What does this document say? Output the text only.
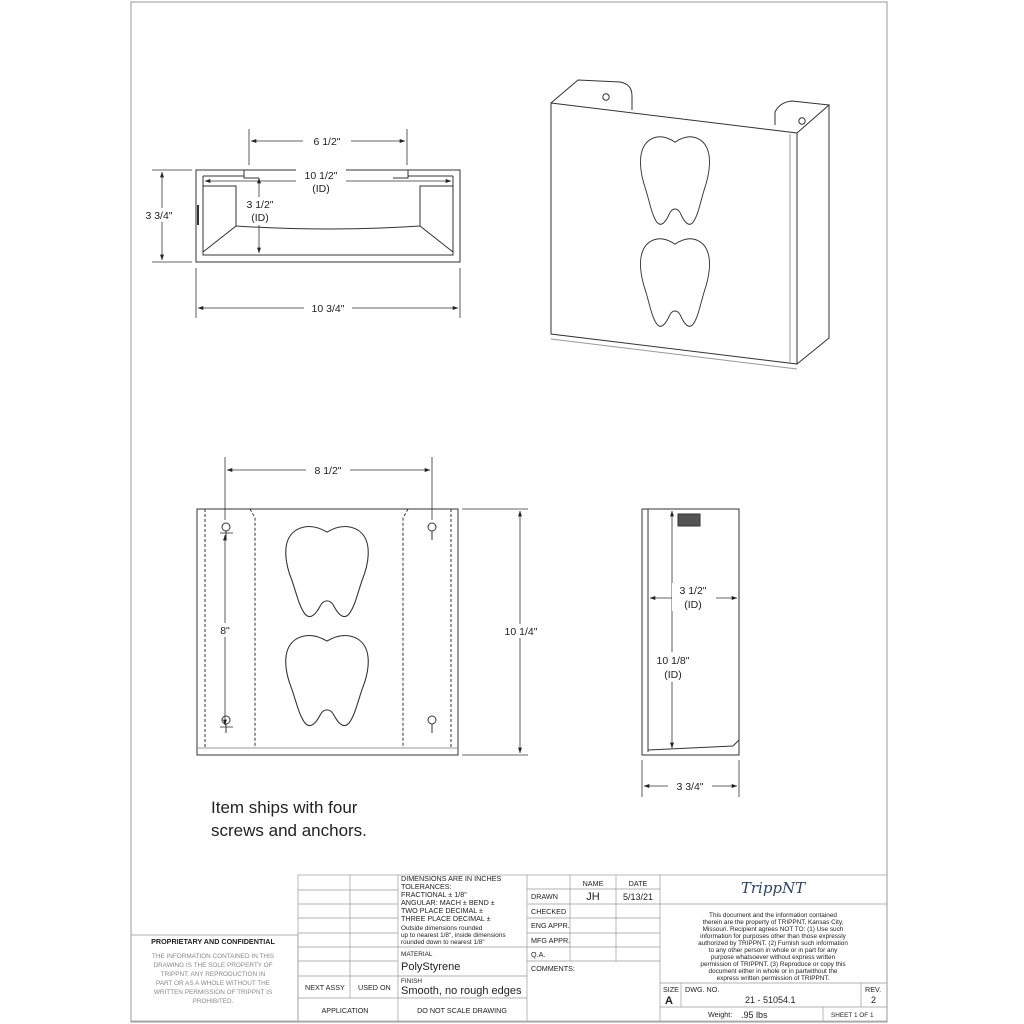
6 1/2"
10 1/2"
(ID)
3 1/2"
(ID)
3 3/4"
10 3/4"
8 1/2"
8"	10 1/4"
3 1/2"
(ID)
10 1/8"
(ID)
3 3/4"
Item ships with four
screws and anchors.
PROPRIETARY AND CONFIDENTIAL
THE INFORMATION CONTAINED IN THIS
DRAWING IS THE SOLE PROPERTY OF
TRIPPNT. ANY REPRODUCTION IN
PART OR AS A WHOLE WITHOUT THE
WRITTEN PERMISSION OF TRIPPNT IS
PROHIBITED.
DIMENSIONS ARE IN INCHES
TOLERANCES:
FRACTIONAL ± 1/8"
ANGULAR: MACH ± BEND ±
TWO PLACE DECIMAL ±
THREE PLACE DECIMAL ±
Outside dimensions rounded
up to nearest 1/8", inside dimensions
rounded down to nearest 1/8"
MATERIAL
PolyStyrene
FINISH
Smooth, no rough edges
NEXT ASSY USED ON
APPLICATION	DO NOT SCALE DRAWING
NAME	DATE
DRAWN	JH	5/13/21
CHECKED
ENG APPR.
MFG APPR.
Q.A.
COMMENTS:
TrippNT
This document and the information contained
therein are the property of TRIPPNT, Kansas City,
Missouri. Recipient agrees NOT TO: (1) Use such
information for purposes other than those expressly
authorized by TRIPPNT. (2) Furnish such information
to any other person in whole or in part for any
purpose whatsoever without express written
permission of TRIPPNT. (3) Reproduce or copy this
document either in whole or in partwithout the
express written permission of TRIPPNT.
SIZE
A
DWG. NO.
21 - 51054.1
REV.
2
Weight: .95 lbs	SHEET 1 OF 1
